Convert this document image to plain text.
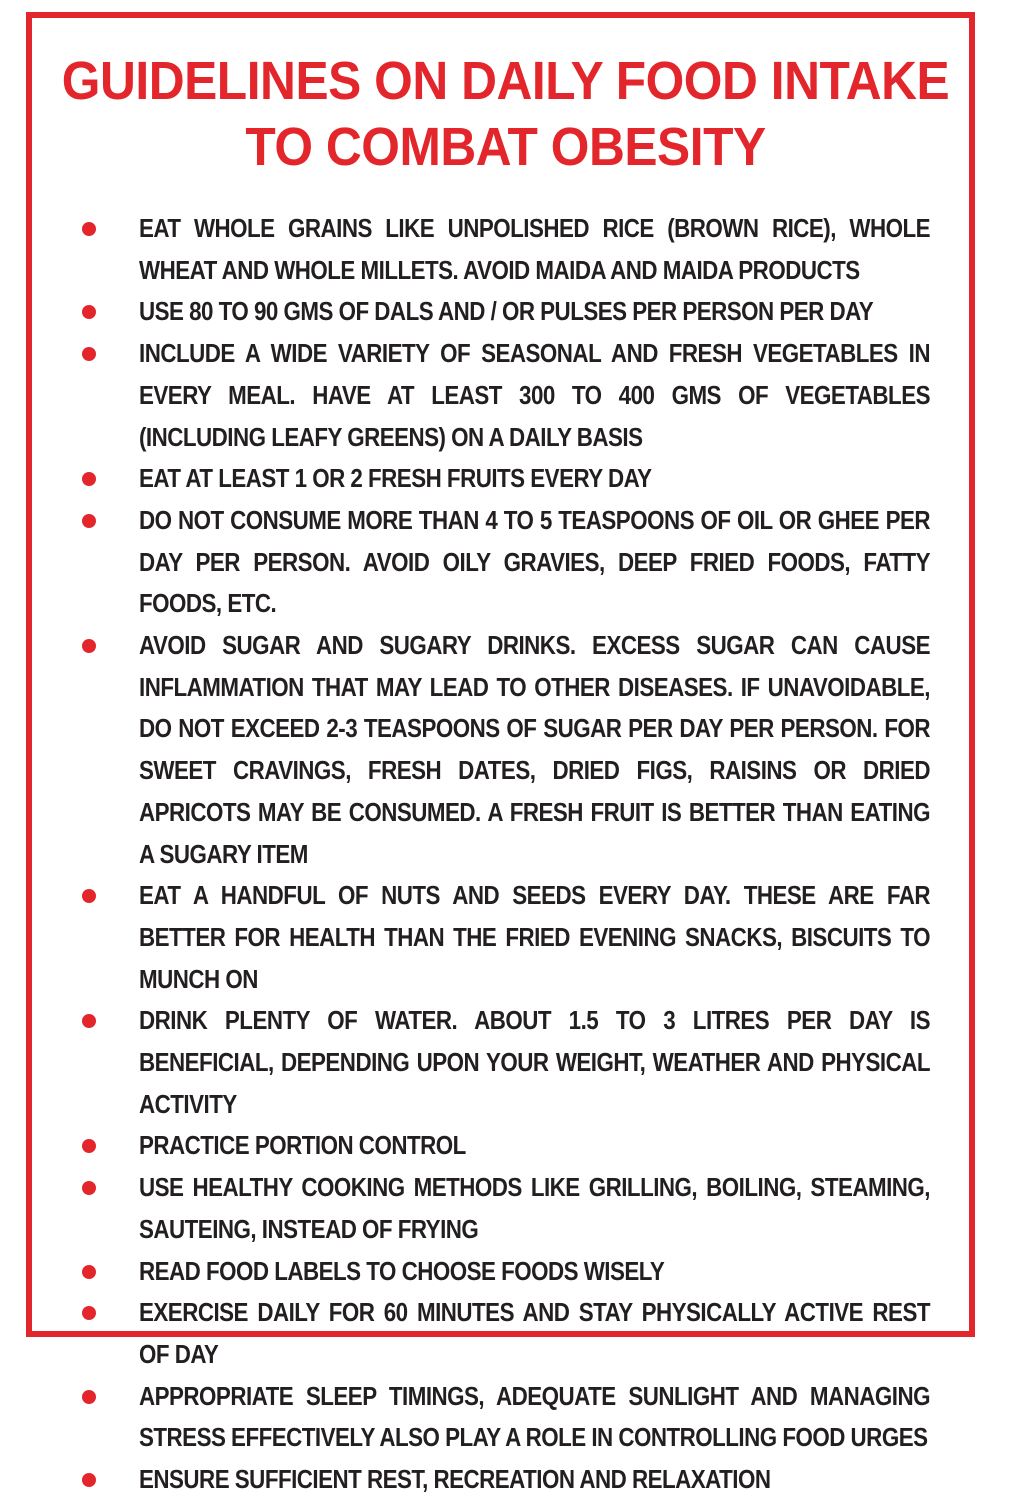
GUIDELINES ON DAILY FOOD INTAKE
TO COMBAT OBESITY
EAT WHOLE GRAINS LIKE UNPOLISHED RICE (BROWN RICE), WHOLE WHEAT AND WHOLE MILLETS. AVOID MAIDA AND MAIDA PRODUCTS
USE 80 TO 90 GMS OF DALS AND / OR PULSES PER PERSON PER DAY
INCLUDE A WIDE VARIETY OF SEASONAL AND FRESH VEGETABLES IN EVERY MEAL. HAVE AT LEAST 300 TO 400 GMS OF VEGETABLES (INCLUDING LEAFY GREENS) ON A DAILY BASIS
EAT AT LEAST 1 OR 2 FRESH FRUITS EVERY DAY
DO NOT CONSUME MORE THAN 4 TO 5 TEASPOONS OF OIL OR GHEE PER DAY PER PERSON. AVOID OILY GRAVIES, DEEP FRIED FOODS, FATTY FOODS, ETC.
AVOID SUGAR AND SUGARY DRINKS. EXCESS SUGAR CAN CAUSE INFLAMMATION THAT MAY LEAD TO OTHER DISEASES. IF UNAVOIDABLE, DO NOT EXCEED 2-3 TEASPOONS OF SUGAR PER DAY PER PERSON. FOR SWEET CRAVINGS, FRESH DATES, DRIED FIGS, RAISINS OR DRIED APRICOTS MAY BE CONSUMED. A FRESH FRUIT IS BETTER THAN EATING A SUGARY ITEM
EAT A HANDFUL OF NUTS AND SEEDS EVERY DAY. THESE ARE FAR BETTER FOR HEALTH THAN THE FRIED EVENING SNACKS, BISCUITS TO MUNCH ON
DRINK PLENTY OF WATER. ABOUT 1.5 TO 3 LITRES PER DAY IS BENEFICIAL, DEPENDING UPON YOUR WEIGHT, WEATHER AND PHYSICAL ACTIVITY
PRACTICE PORTION CONTROL
USE HEALTHY COOKING METHODS LIKE GRILLING, BOILING, STEAMING, SAUTEING, INSTEAD OF FRYING
READ FOOD LABELS TO CHOOSE FOODS WISELY
EXERCISE DAILY FOR 60 MINUTES AND STAY PHYSICALLY ACTIVE REST OF DAY
APPROPRIATE SLEEP TIMINGS, ADEQUATE SUNLIGHT AND MANAGING STRESS EFFECTIVELY ALSO PLAY A ROLE IN CONTROLLING FOOD URGES
ENSURE SUFFICIENT REST, RECREATION AND RELAXATION
